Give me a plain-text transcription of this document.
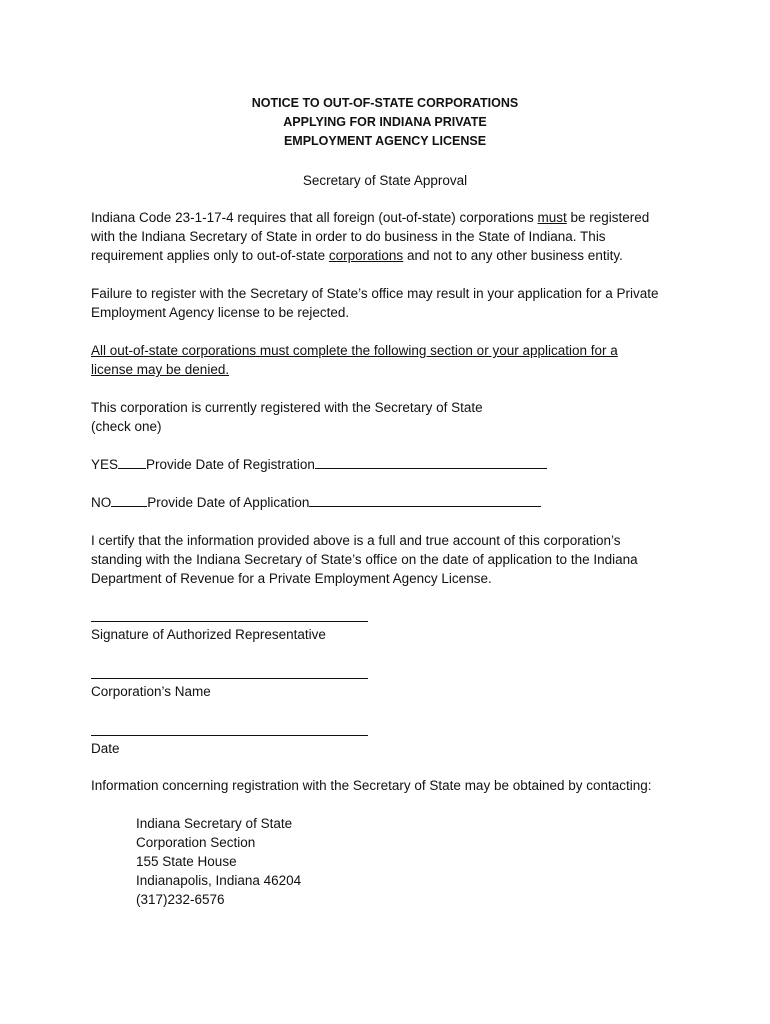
NOTICE TO OUT-OF-STATE CORPORATIONS
APPLYING FOR INDIANA PRIVATE
EMPLOYMENT AGENCY LICENSE
Secretary of State Approval
Indiana Code 23-1-17-4 requires that all foreign (out-of-state) corporations must be registered
with the Indiana Secretary of State in order to do business in the State of Indiana. This
requirement applies only to out-of-state corporations and not to any other business entity.
Failure to register with the Secretary of State’s office may result in your application for a Private
Employment Agency license to be rejected.
All out-of-state corporations must complete the following section or your application for a
license may be denied.
This corporation is currently registered with the Secretary of State
(check one)
YES Provide Date of Registration
NO	Provide Date of Application
I certify that the information provided above is a full and true account of this corporation’s
standing with the Indiana Secretary of State’s office on the date of application to the Indiana
Department of Revenue for a Private Employment Agency License.
Signature of Authorized Representative
Corporation’s Name
Date
Information concerning registration with the Secretary of State may be obtained by contacting:
Indiana Secretary of State
Corporation Section
155 State House
Indianapolis, Indiana 46204
(317)232-6576
